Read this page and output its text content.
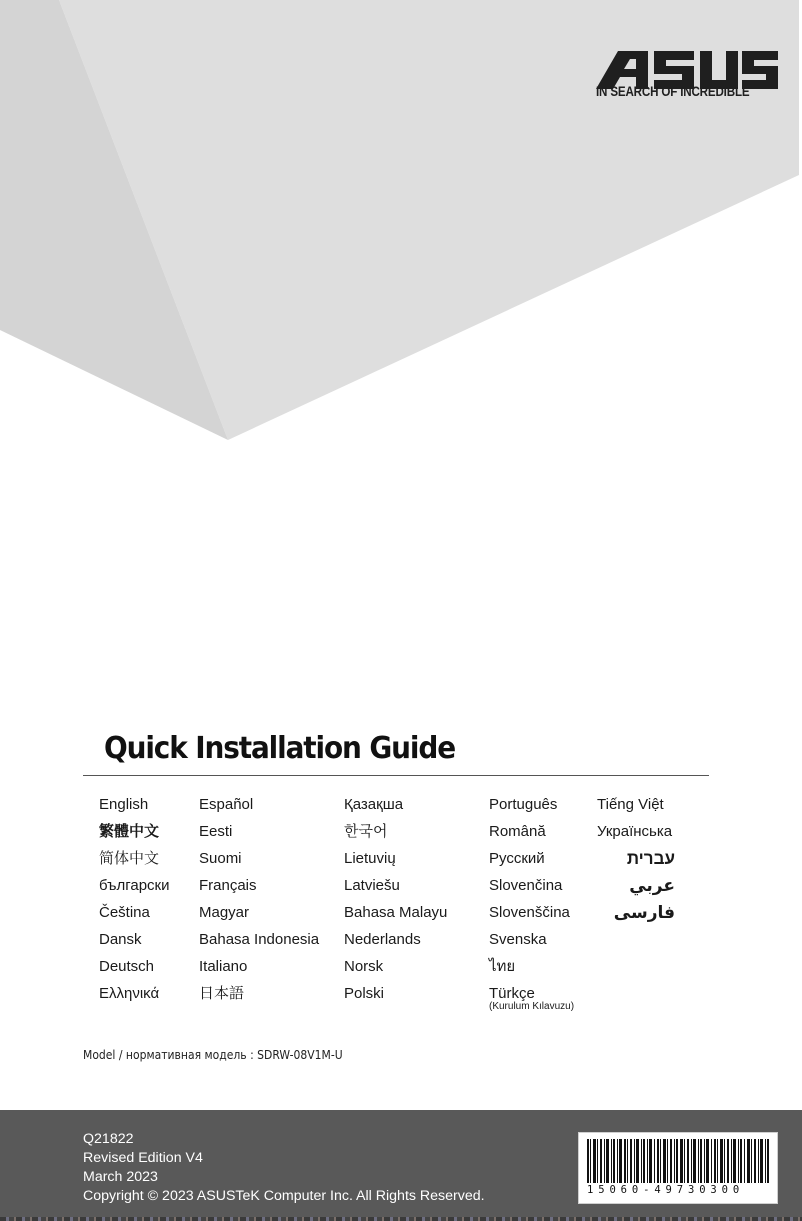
IN SEARCH OF INCREDIBLE
Quick Installation Guide
English
繁體中文
简体中文
български
Čeština
Dansk
Deutsch
Ελληνικά
Español
Eesti
Suomi
Français
Magyar
Bahasa Indonesia
Italiano
日本語
Қазақша
한국어
Lietuvių
Latviešu
Bahasa Malayu
Nederlands
Norsk
Polski
Português
Română
Русский
Slovenčina
Slovenščina
Svenska
ไทย
Türkçe
(Kurulum Kılavuzu)
Tiếng Việt
Українська
עברית
عربي
فارسی
Model / нормативная модель : SDRW-08V1M-U
Q21822
Revised Edition V4
March 2023
Copyright © 2023 ASUSTeK Computer Inc. All Rights Reserved.	15060-49730300
